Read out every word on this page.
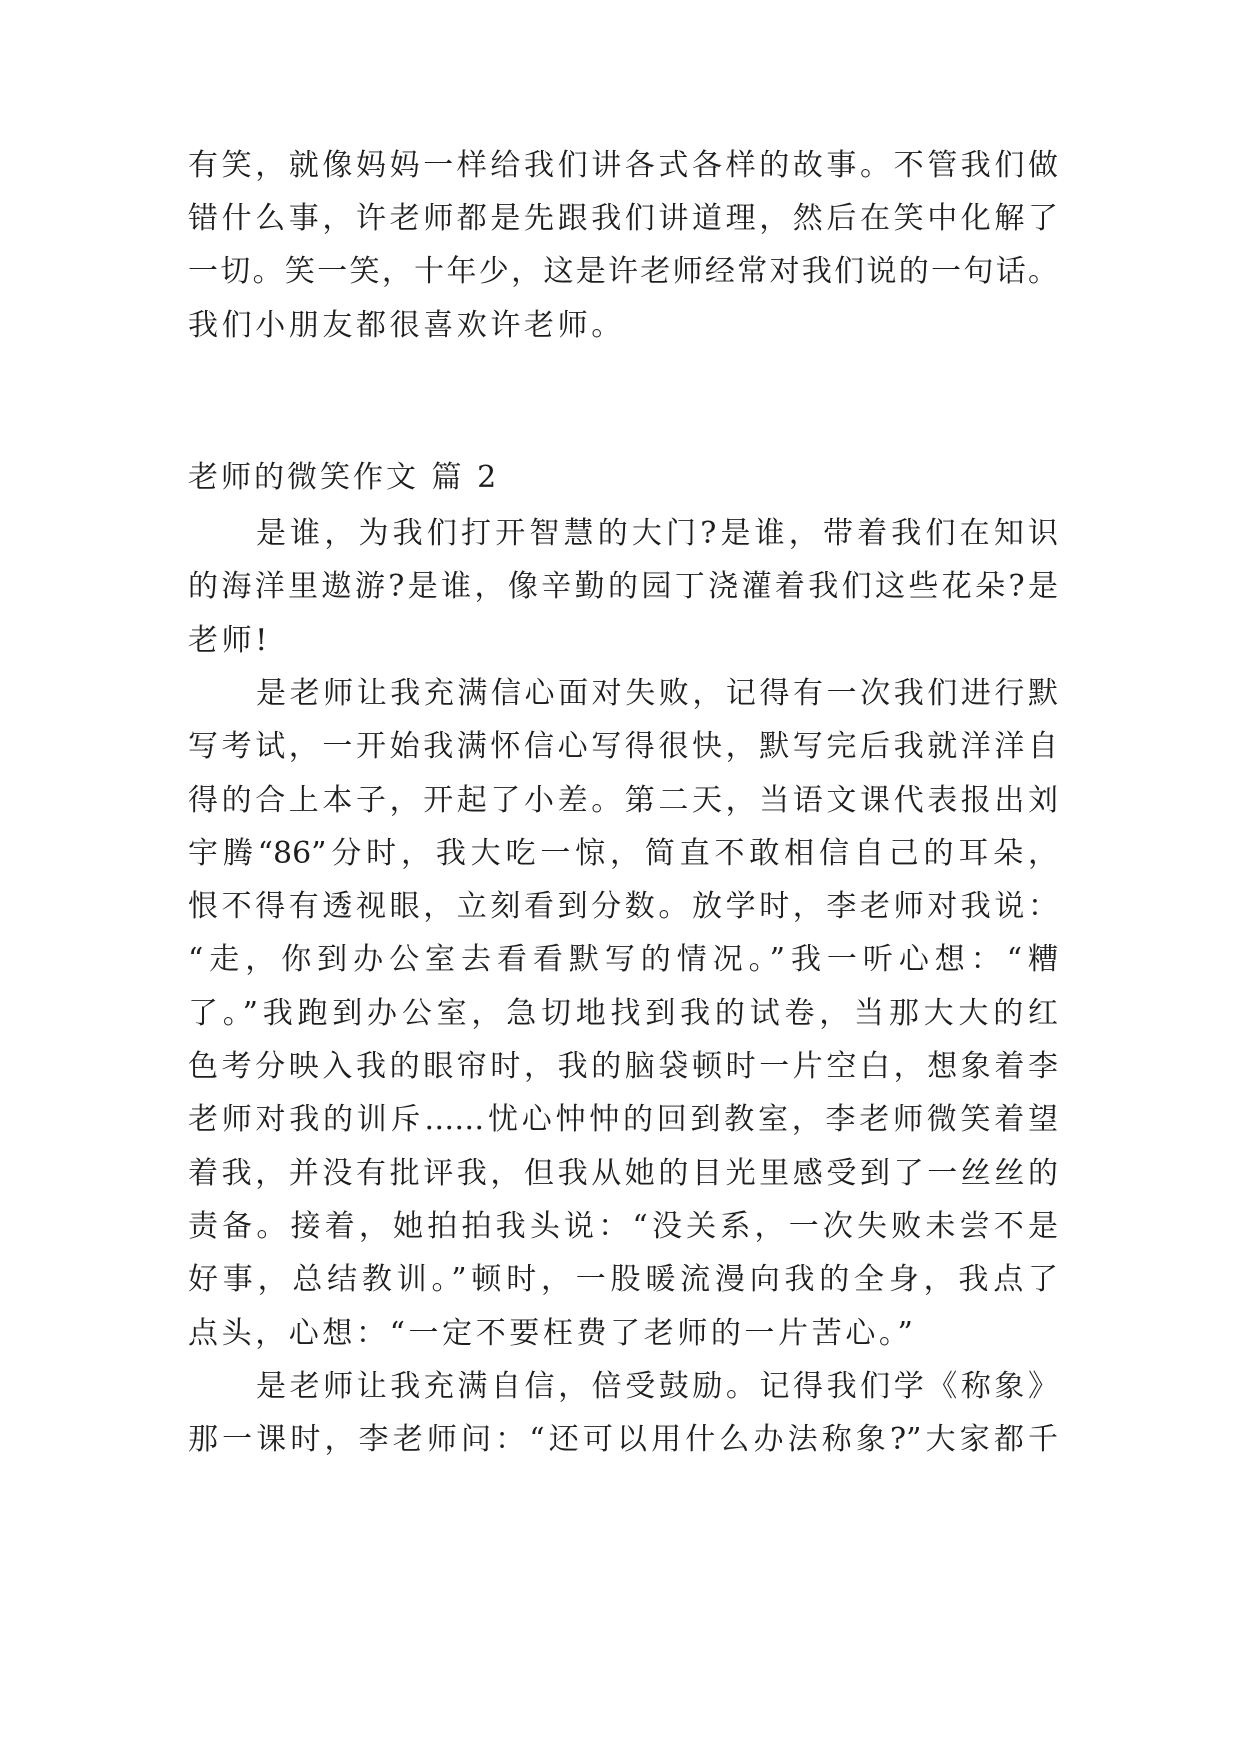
有笑，就像妈妈一样给我们讲各式各样的故事。不管我们做
错什么事，许老师都是先跟我们讲道理，然后在笑中化解了
一切。笑一笑，十年少，这是许老师经常对我们说的一句话。
我们小朋友都很喜欢许老师。
老师的微笑作文 篇 2
是谁，为我们打开智慧的大门?是谁，带着我们在知识
的海洋里遨游?是谁，像辛勤的园丁浇灌着我们这些花朵?是
老师!
是老师让我充满信心面对失败，记得有一次我们进行默
写考试，一开始我满怀信心写得很快，默写完后我就洋洋自
得的合上本子，开起了小差。第二天，当语文课代表报出刘
宇腾“86”分时，我大吃一惊，简直不敢相信自己的耳朵，
恨不得有透视眼，立刻看到分数。放学时，李老师对我说：
“走，你到办公室去看看默写的情况。”我一听心想：“糟
了。”我跑到办公室，急切地找到我的试卷，当那大大的红
色考分映入我的眼帘时，我的脑袋顿时一片空白，想象着李
老师对我的训斥……忧心忡忡的回到教室，李老师微笑着望
着我，并没有批评我，但我从她的目光里感受到了一丝丝的
责备。接着，她拍拍我头说：“没关系，一次失败未尝不是
好事，总结教训。”顿时，一股暖流漫向我的全身，我点了
点头，心想：“一定不要枉费了老师的一片苦心。”
是老师让我充满自信，倍受鼓励。记得我们学《称象》
那一课时，李老师问：“还可以用什么办法称象?”大家都千
